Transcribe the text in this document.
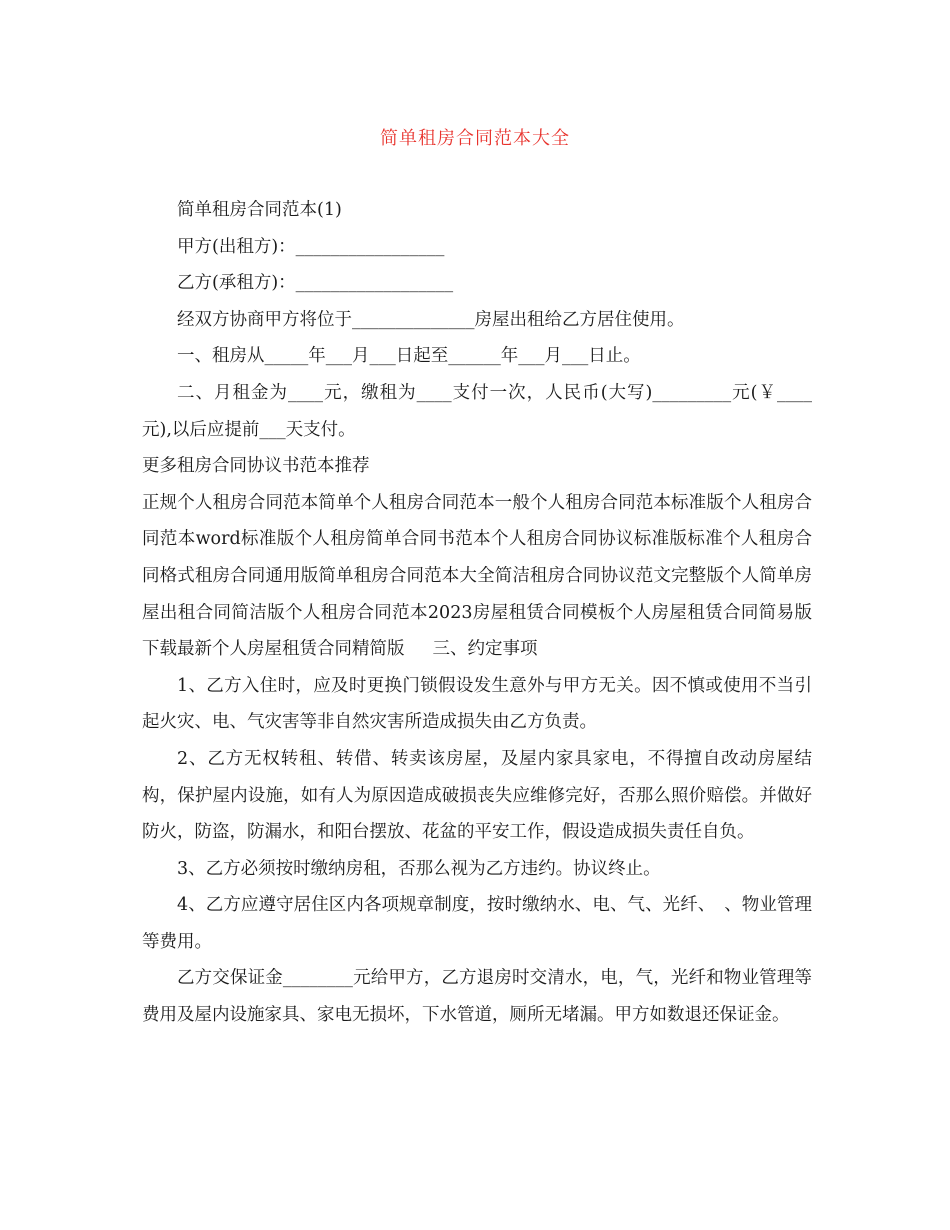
简单租房合同范本大全

简单租房合同范本(1)

甲方(出租方)：_________________

乙方(承租方)：__________________

经双方协商甲方将位于______________房屋出租给乙方居住使用。

一、租房从_____年___月___日起至______年___月___日止。

二、月租金为____元，缴租为____支付一次，人民币(大写)_________元(￥____元),以后应提前___天支付。

更多租房合同协议书范本推荐

正规个人租房合同范本简单个人租房合同范本一般个人租房合同范本标准版个人租房合同范本word标准版个人租房简单合同书范本个人租房合同协议标准版标准个人租房合同格式租房合同通用版简单租房合同范本大全简洁租房合同协议范文完整版个人简单房屋出租合同简洁版个人租房合同范本2023房屋租赁合同模板个人房屋租赁合同简易版下载最新个人房屋租赁合同精简版 三、约定事项

1、乙方入住时，应及时更换门锁假设发生意外与甲方无关。因不慎或使用不当引起火灾、电、气灾害等非自然灾害所造成损失由乙方负责。

2、乙方无权转租、转借、转卖该房屋，及屋内家具家电，不得擅自改动房屋结构，保护屋内设施，如有人为原因造成破损丧失应维修完好，否那么照价赔偿。并做好防火，防盗，防漏水，和阳台摆放、花盆的平安工作，假设造成损失责任自负。

3、乙方必须按时缴纳房租，否那么视为乙方违约。协议终止。

4、乙方应遵守居住区内各项规章制度，按时缴纳水、电、气、光纤、　、物业管理等费用。

乙方交保证金________元给甲方，乙方退房时交清水，电，气，光纤和物业管理等费用及屋内设施家具、家电无损坏，下水管道，厕所无堵漏。甲方如数退还保证金。
